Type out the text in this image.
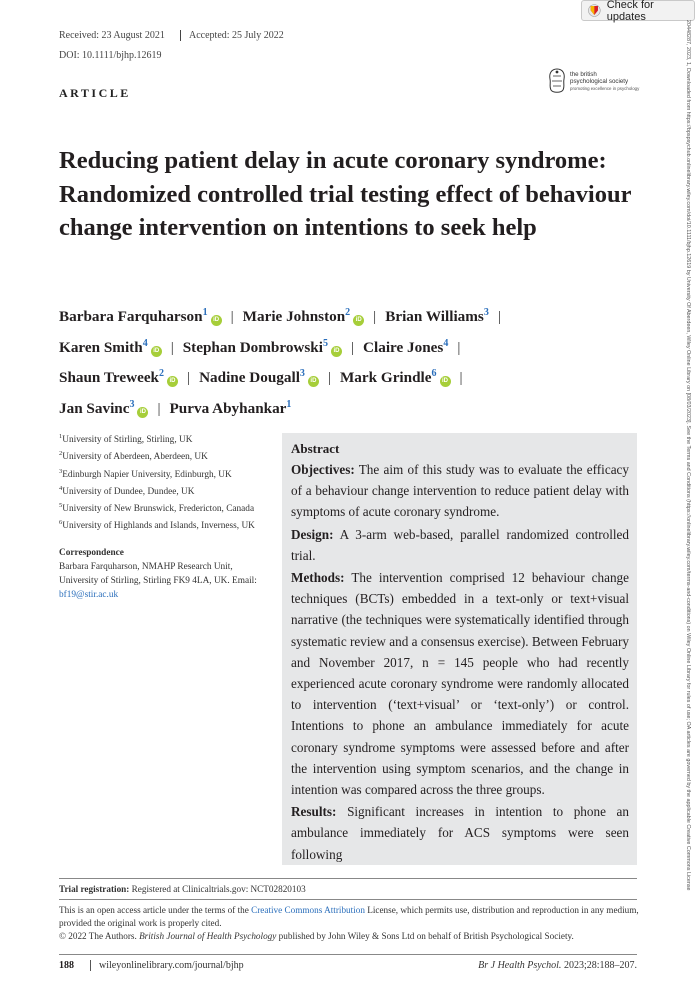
Check for updates
20448287, 2023, 1, Downloaded from https://bpspsychub.onlinelibrary.wiley.com/doi/10.1111/bjhp.12619 by University Of Aberdeen, Wiley Online Library on [08/03/2023]. See the Terms and Conditions (https://onlinelibrary.wiley.com/terms-and-conditions) on Wiley Online Library for rules of use; OA articles are governed by the applicable Creative Commons License
Received: 23 August 2021	Accepted: 25 July 2022
DOI: 10.1111/bjhp.12619
ARTICLE
the british
psychological society
promoting excellence in psychology
Reducing patient delay in acute coronary syndrome: Randomized controlled trial testing effect of behaviour change intervention on intentions to seek help
Barbara Farquharson$^1$iD | Marie Johnston$^2$iD | Brian Williams$^3$ |
Karen Smith$^4$iD | Stephan Dombrowski$^5$iD | Claire Jones$^4$ |
Shaun Treweek$^2$iD | Nadine Dougall$^3$iD | Mark Grindle$^6$iD |
Jan Savinc$^3$iD | Purva Abyhankar$^1$
$^1$University of Stirling, Stirling, UK
$^2$University of Aberdeen, Aberdeen, UK
$^3$Edinburgh Napier University, Edinburgh, UK
$^4$University of Dundee, Dundee, UK
$^5$University of New Brunswick, Fredericton, Canada
$^6$University of Highlands and Islands, Inverness, UK
Correspondence
Barbara Farquharson, NMAHP Research Unit, University of Stirling, Stirling FK9 4LA, UK. Email: bf19@stir.ac.uk
Abstract

Objectives: The aim of this study was to evaluate the efficacy of a behaviour change intervention to reduce patient delay with symptoms of acute coronary syndrome.

Design: A 3-arm web-based, parallel randomized controlled trial.

Methods: The intervention comprised 12 behaviour change techniques (BCTs) embedded in a text-only or text+visual narrative (the techniques were systematically identified through systematic review and a consensus exercise). Between February and November 2017, n = 145 people who had recently experienced acute coronary syndrome were randomly allocated to intervention (‘text+visual’ or ‘text-only’) or control. Intentions to phone an ambulance immediately for acute coronary syndrome symptoms were assessed before and after the intervention using symptom scenarios, and the change in intention was compared across the three groups.

Results: Significant increases in intention to phone an ambulance immediately for ACS symptoms were seen following

Trial registration: Registered at Clinicaltrials.gov: NCT02820103
This is an open access article under the terms of the Creative Commons Attribution License, which permits use, distribution and reproduction in any medium, provided the original work is properly cited.
© 2022 The Authors. British Journal of Health Psychology published by John Wiley & Sons Ltd on behalf of British Psychological Society.
188	wileyonlinelibrary.com/journal/bjhp	Br J Health Psychol. 2023;28:188–207.
